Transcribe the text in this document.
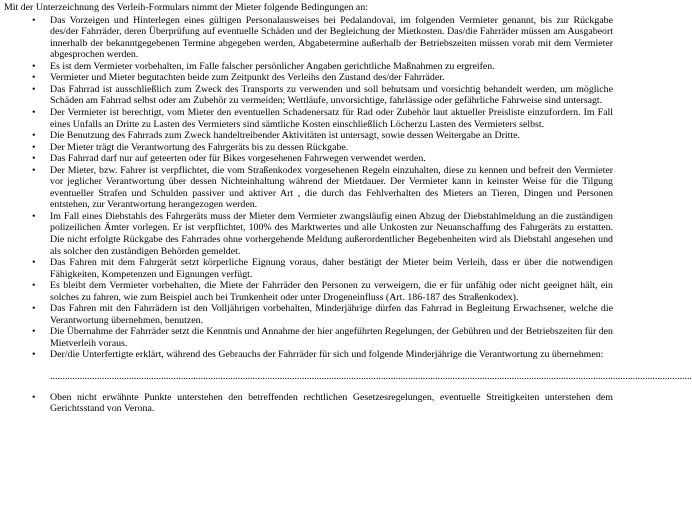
Mit der Unterzeichnung des Verleih-Formulars nimmt der Mieter folgende Bedingungen an:

• Das Vorzeigen und Hinterlegen eines gültigen Personalausweises bei Pedalandovai, im folgenden Vermieter genannt, bis zur Rückgabe des/der Fahrräder, deren Überprüfung auf eventuelle Schäden und der Begleichung der Mietkosten. Das/die Fahrräder müssen am Ausgabeort innerhalb der bekanntgegebenen Termine abgegeben werden, Abgabetermine außerhalb der Betriebszeiten müssen vorab mit dem Vermieter abgesprochen werden.
• Es ist dem Vermieter vorbehalten, im Falle falscher persönlicher Angaben gerichtliche Maßnahmen zu ergreifen.
• Vermieter und Mieter begutachten beide zum Zeitpunkt des Verleihs den Zustand des/der Fahrräder.
• Das Fahrrad ist ausschließlich zum Zweck des Transports zu verwenden und soll behutsam und vorsichtig behandelt werden, um mögliche Schäden am Fahrrad selbst oder am Zubehör zu vermeiden; Wettläufe, unvorsichtige, fahrlässige oder gefährliche Fahrweise sind untersagt.
• Der Vermieter ist berechtigt, vom Mieter den eventuellen Schadenersatz für Rad oder Zubehör laut aktueller Preisliste einzufordern. Im Fall eines Unfalls an Dritte zu Lasten des Vermieters sind sämtliche Kosten einschließlich Löcherzu Lasten des Vermieters selbst.
• Die Benutzung des Fahrrads zum Zweck handeltreibender Aktivitäten ist untersagt, sowie dessen Weitergabe an Dritte.
• Der Mieter trägt die Verantwortung des Fahrgeräts bis zu dessen Rückgabe.
• Das Fahrrad darf nur auf geteerten oder für Bikes vorgesehenen Fahrwegen verwendet werden.
• Der Mieter, bzw. Fahrer ist verpflichtet, die vom Straßenkodex vorgesehenen Regeln einzuhalten, diese zu kennen und befreit den Vermieter vor jeglicher Verantwortung über dessen Nichteinhaltung während der Mietdauer. Der Vermieter kann in keinster Weise für die Tilgung eventueller Strafen und Schulden passiver und aktiver Art , die durch das Fehlverhalten des Mieters an Tieren, Dingen und Personen entstehen, zur Verantwortung herangezogen werden.
• Im Fall eines Diebstahls des Fahrgeräts muss der Mieter dem Vermieter zwangsläufig einen Abzug der Diebstahlmeldung an die zuständigen polizeilichen Ämter vorlegen. Er ist verpflichtet, 100% des Marktwertes und alle Unkosten zur Neuanschaffung des Fahrgeräts zu erstatten. Die nicht erfolgte Rückgabe des Fahrrades ohne vorhergehende Meldung außerordentlicher Begebenheiten wird als Diebstahl angesehen und als solcher den zuständigen Behörden gemeldet.
• Das Fahren mit dem Fahrgerät setzt körperliche Eignung voraus, daher bestätigt der Mieter beim Verleih, dass er über die notwendigen Fähigkeiten, Kompetenzen und Eignungen verfügt.
• Es bleibt dem Vermieter vorbehalten, die Miete der Fahrräder den Personen zu verweigern, die er für unfähig oder nicht geeignet hält, ein solches zu fahren, wie zum Beispiel auch bei Trunkenheit oder unter Drogeneinfluss (Art. 186-187 des Straßenkodex).
• Das Fahren mit den Fahrrädern ist den Volljährigen vorbehalten, Minderjährige dürfen das Fahrrad in Begleitung Erwachsener, welche die Verantwortung übernehmen, benutzen.
• Die Übernahme der Fahrräder setzt die Kenntnis und Annahme der hier angeführten Regelungen, der Gebühren und der Betriebszeiten für den Mietverleih voraus.
• Der/die Unterfertigte erklärt, während des Gebrauchs der Fahrräder für sich und folgende Minderjährige die Verantwortung zu übernehmen:
....................................................................................................................................................................................................................................................................
• Oben nicht erwähnte Punkte unterstehen den betreffenden rechtlichen Gesetzesregelungen, eventuelle Streitigkeiten unterstehen dem Gerichtsstand von Verona.
